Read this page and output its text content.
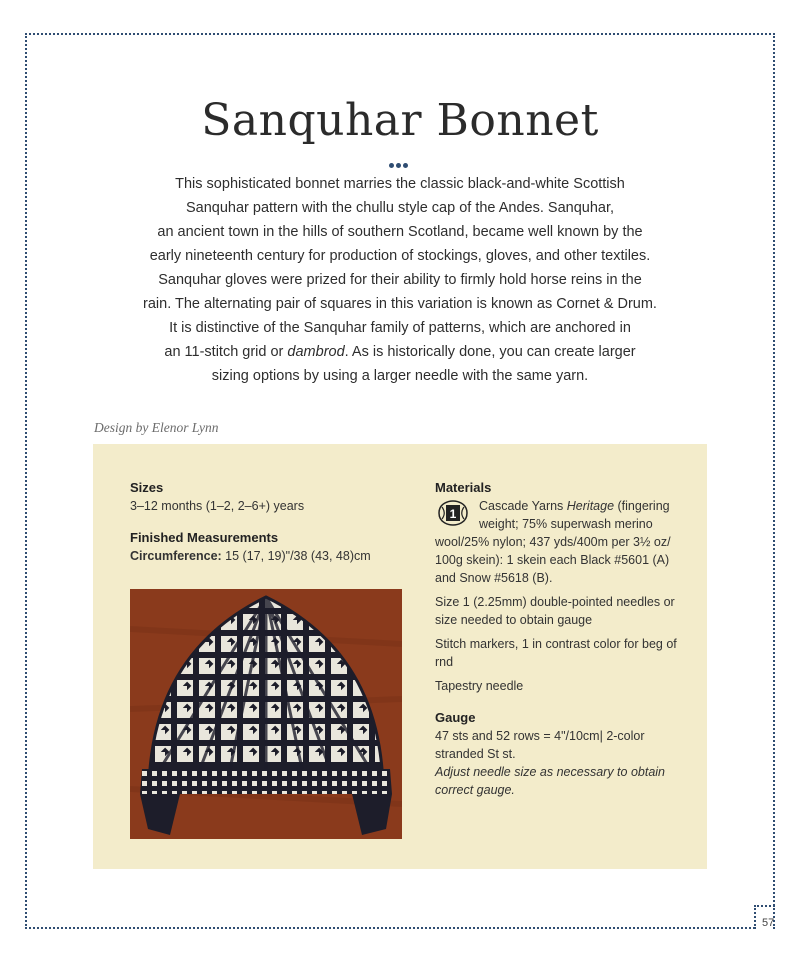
Sanquhar Bonnet
This sophisticated bonnet marries the classic black-and-white Scottish
Sanquhar pattern with the chullu style cap of the Andes. Sanquhar,
an ancient town in the hills of southern Scotland, became well known by the
early nineteenth century for production of stockings, gloves, and other textiles.
Sanquhar gloves were prized for their ability to firmly hold horse reins in the
rain. The alternating pair of squares in this variation is known as Cornet & Drum.
It is distinctive of the Sanquhar family of patterns, which are anchored in
an 11-stitch grid or dambrod. As is historically done, you can create larger
sizing options by using a larger needle with the same yarn.
Design by Elenor Lynn
Sizes
3–12 months (1–2, 2–6+) years
Finished Measurements
Circumference: 15 (17, 19)"/38 (43, 48)cm
Materials
1
Cascade Yarns Heritage (fingering weight; 75% superwash merino wool/25% nylon; 437 yds/400m per 3½ oz/ 100g skein): 1 skein each Black #5601 (A) and Snow #5618 (B).
Size 1 (2.25mm) double-pointed needles or size needed to obtain gauge
Stitch markers, 1 in contrast color for beg of rnd
Tapestry needle
Gauge
47 sts and 52 rows = 4"/10cm| 2-color stranded St st.
Adjust needle size as necessary to obtain correct gauge.
57
